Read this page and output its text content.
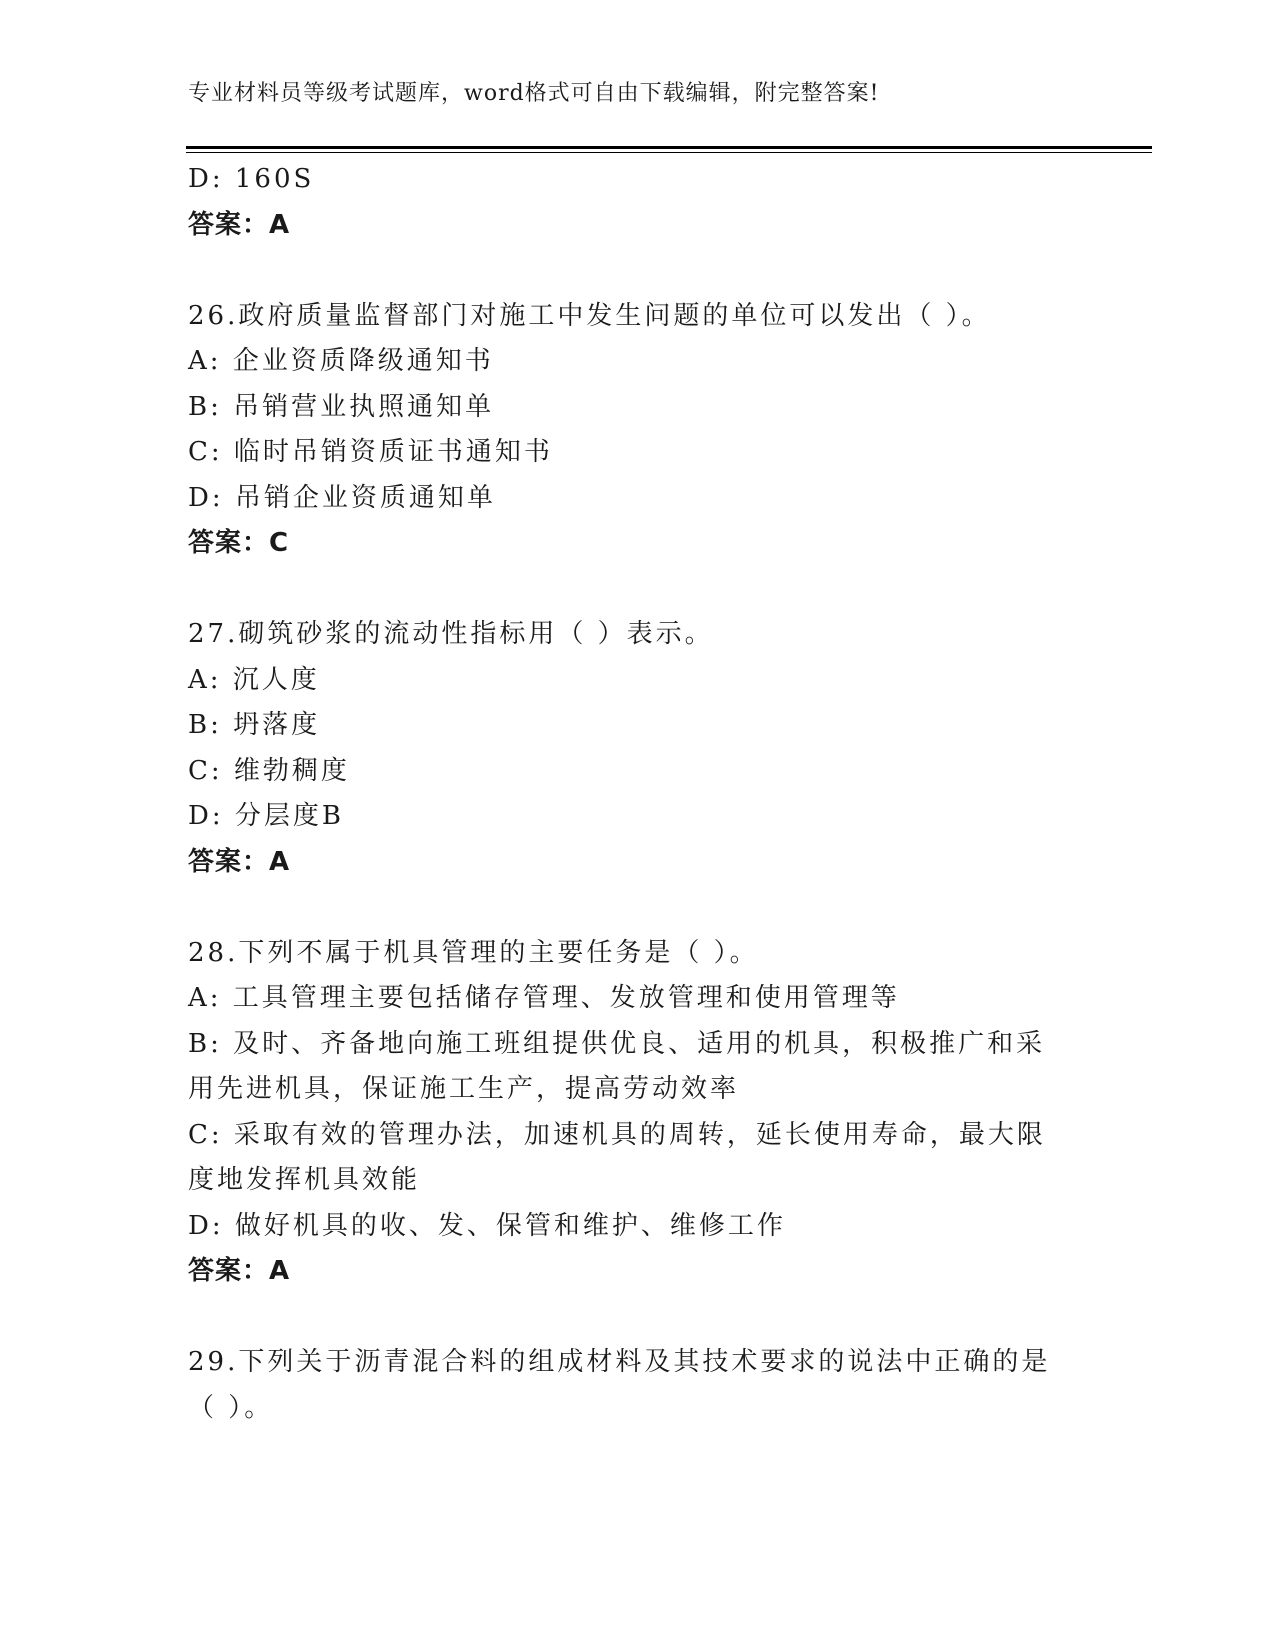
专业材料员等级考试题库，word格式可自由下载编辑，附完整答案!
D: 160S
答案：A
26.政府质量监督部门对施工中发生问题的单位可以发出（ ）。
A: 企业资质降级通知书
B: 吊销营业执照通知单
C: 临时吊销资质证书通知书
D: 吊销企业资质通知单
答案：C
27.砌筑砂浆的流动性指标用（ ）表示。
A: 沉人度
B: 坍落度
C: 维勃稠度
D: 分层度B
答案：A
28.下列不属于机具管理的主要任务是（ ）。
A: 工具管理主要包括储存管理、发放管理和使用管理等
B: 及时、齐备地向施工班组提供优良、适用的机具，积极推广和采用先进机具，保证施工生产，提高劳动效率
C: 采取有效的管理办法，加速机具的周转，延长使用寿命，最大限度地发挥机具效能
D: 做好机具的收、发、保管和维护、维修工作
答案：A
29.下列关于沥青混合料的组成材料及其技术要求的说法中正确的是（ ）。
